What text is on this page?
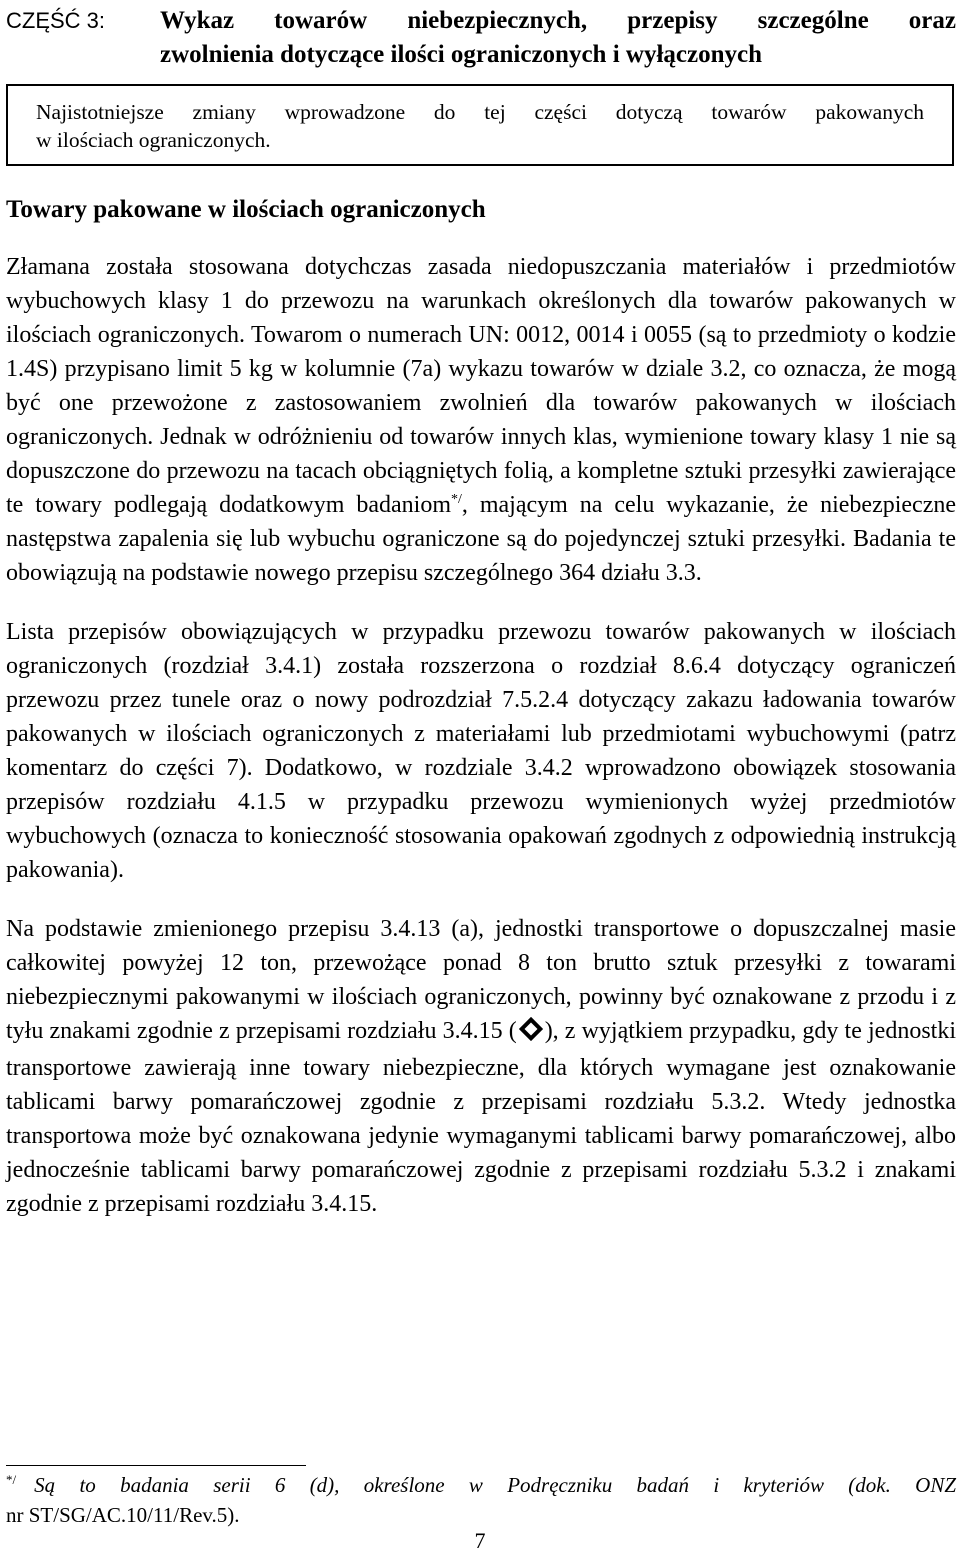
CZĘŚĆ 3: Wykaz towarów niebezpiecznych, przepisy szczególne oraz
zwolnienia dotyczące ilości ograniczonych i wyłączonych
Najistotniejsze zmiany wprowadzone do tej części dotyczą towarów pakowanych
w ilościach ograniczonych.
Towary pakowane w ilościach ograniczonych

Złamana została stosowana dotychczas zasada niedopuszczania materiałów i przedmiotów wybuchowych klasy 1 do przewozu na warunkach określonych dla towarów pakowanych w ilościach ograniczonych. Towarom o numerach UN: 0012, 0014 i 0055 (są to przedmioty o kodzie 1.4S) przypisano limit 5 kg w kolumnie (7a) wykazu towarów w dziale 3.2, co oznacza, że mogą być one przewożone z zastosowaniem zwolnień dla towarów pakowanych w ilościach ograniczonych. Jednak w odróżnieniu od towarów innych klas, wymienione towary klasy 1 nie są dopuszczone do przewozu na tacach obciągniętych folią, a kompletne sztuki przesyłki zawierające te towary podlegają dodatkowym badaniom*/, mającym na celu wykazanie, że niebezpieczne następstwa zapalenia się lub wybuchu ograniczone są do pojedynczej sztuki przesyłki. Badania te obowiązują na podstawie nowego przepisu szczególnego 364 działu 3.3.

Lista przepisów obowiązujących w przypadku przewozu towarów pakowanych w ilościach ograniczonych (rozdział 3.4.1) została rozszerzona o rozdział 8.6.4 dotyczący ograniczeń przewozu przez tunele oraz o nowy podrozdział 7.5.2.4 dotyczący zakazu ładowania towarów pakowanych w ilościach ograniczonych z materiałami lub przedmiotami wybuchowymi (patrz komentarz do części 7). Dodatkowo, w rozdziale 3.4.2 wprowadzono obowiązek stosowania przepisów rozdziału 4.1.5 w przypadku przewozu wymienionych wyżej przedmiotów wybuchowych (oznacza to konieczność stosowania opakowań zgodnych z odpowiednią instrukcją pakowania).

Na podstawie zmienionego przepisu 3.4.13 (a), jednostki transportowe o dopuszczalnej masie całkowitej powyżej 12 ton, przewożące ponad 8 ton brutto sztuk przesyłki z towarami niebezpiecznymi pakowanymi w ilościach ograniczonych, powinny być oznakowane z przodu i z tyłu znakami zgodnie z przepisami rozdziału 3.4.15 ( ), z wyjątkiem przypadku, gdy te jednostki transportowe zawierają inne towary niebezpieczne, dla których wymagane jest oznakowanie tablicami barwy pomarańczowej zgodnie z przepisami rozdziału 5.3.2. Wtedy jednostka transportowa może być oznakowana jedynie wymaganymi tablicami barwy pomarańczowej, albo jednocześnie tablicami barwy pomarańczowej zgodnie z przepisami rozdziału 5.3.2 i znakami zgodnie z przepisami rozdziału 3.4.15.

*/ Są to badania serii 6 (d), określone w Podręczniku badań i kryteriów (dok. ONZ
nr ST/SG/AC.10/11/Rev.5).
7
